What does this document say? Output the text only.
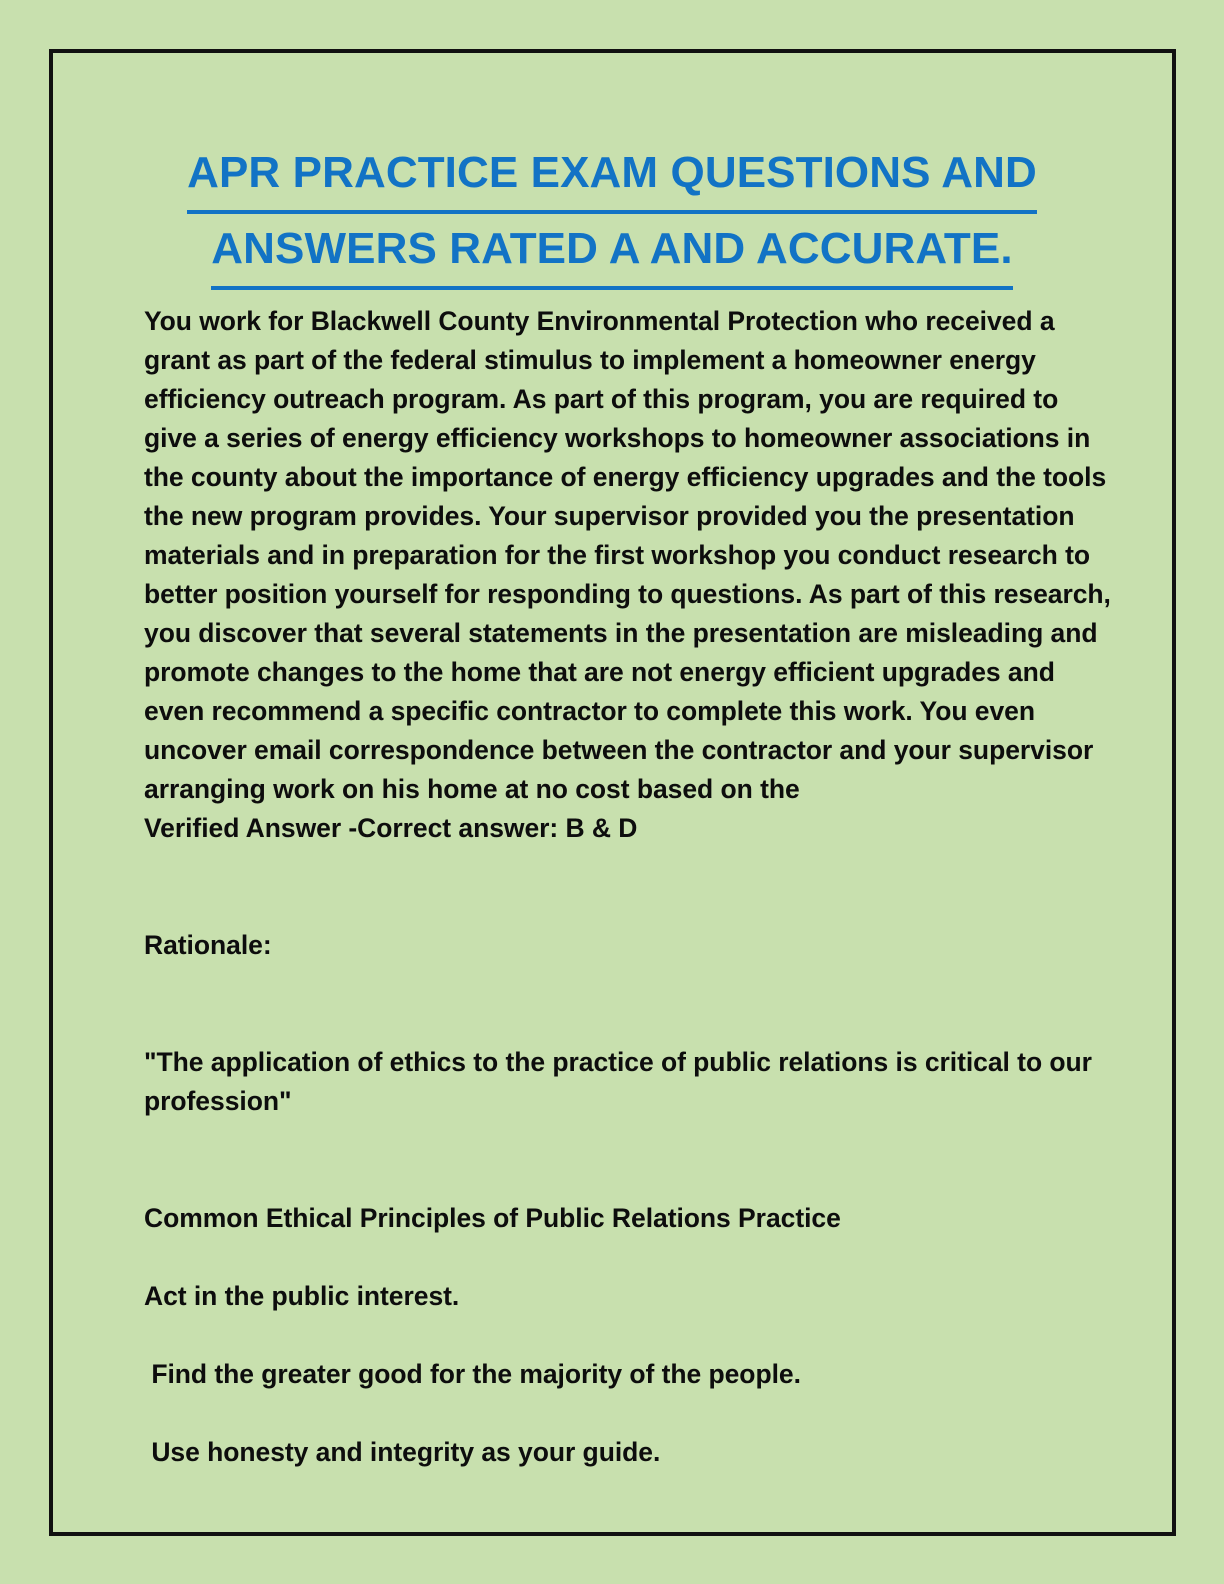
APR PRACTICE EXAM QUESTIONS AND
ANSWERS RATED A AND ACCURATE.
You work for Blackwell County Environmental Protection who received a
grant as part of the federal stimulus to implement a homeowner energy
efficiency outreach program. As part of this program, you are required to
give a series of energy efficiency workshops to homeowner associations in
the county about the importance of energy efficiency upgrades and the tools
the new program provides. Your supervisor provided you the presentation
materials and in preparation for the first workshop you conduct research to
better position yourself for responding to questions. As part of this research,
you discover that several statements in the presentation are misleading and
promote changes to the home that are not energy efficient upgrades and
even recommend a specific contractor to complete this work. You even
uncover email correspondence between the contractor and your supervisor
arranging work on his home at no cost based on the
Verified Answer -Correct answer: B & D
Rationale:
"The application of ethics to the practice of public relations is critical to our
profession"
Common Ethical Principles of Public Relations Practice
Act in the public interest.
Find the greater good for the majority of the people.
Use honesty and integrity as your guide.
